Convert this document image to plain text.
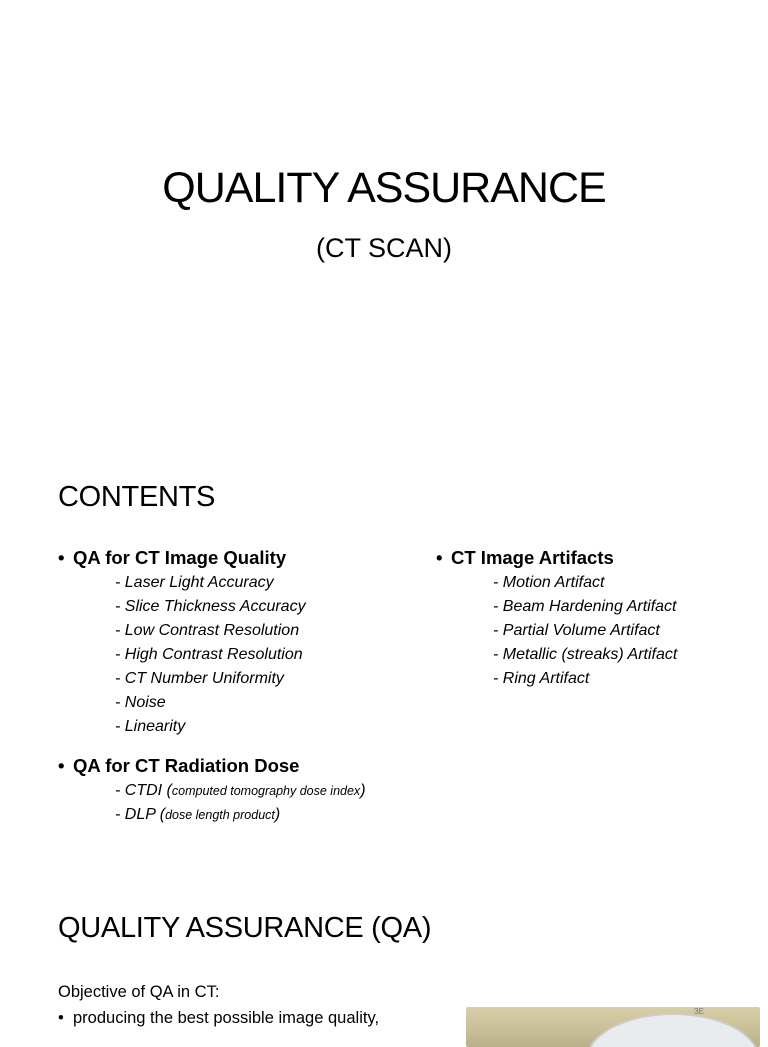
QUALITY ASSURANCE
(CT SCAN)
CONTENTS

• QA for CT Image Quality

- Laser Light Accuracy
- Slice Thickness Accuracy
- Low Contrast Resolution
- High Contrast Resolution
- CT Number Uniformity
- Noise
- Linearity

• QA for CT Radiation Dose

- CTDI (computed tomography dose index)
- DLP (dose length product)

• CT Image Artifacts

- Motion Artifact
- Beam Hardening Artifact
- Partial Volume Artifact
- Metallic (streaks) Artifact
- Ring Artifact
QUALITY ASSURANCE (QA)
Objective of QA in CT:
• producing the best possible image quality,	ЗЕ
